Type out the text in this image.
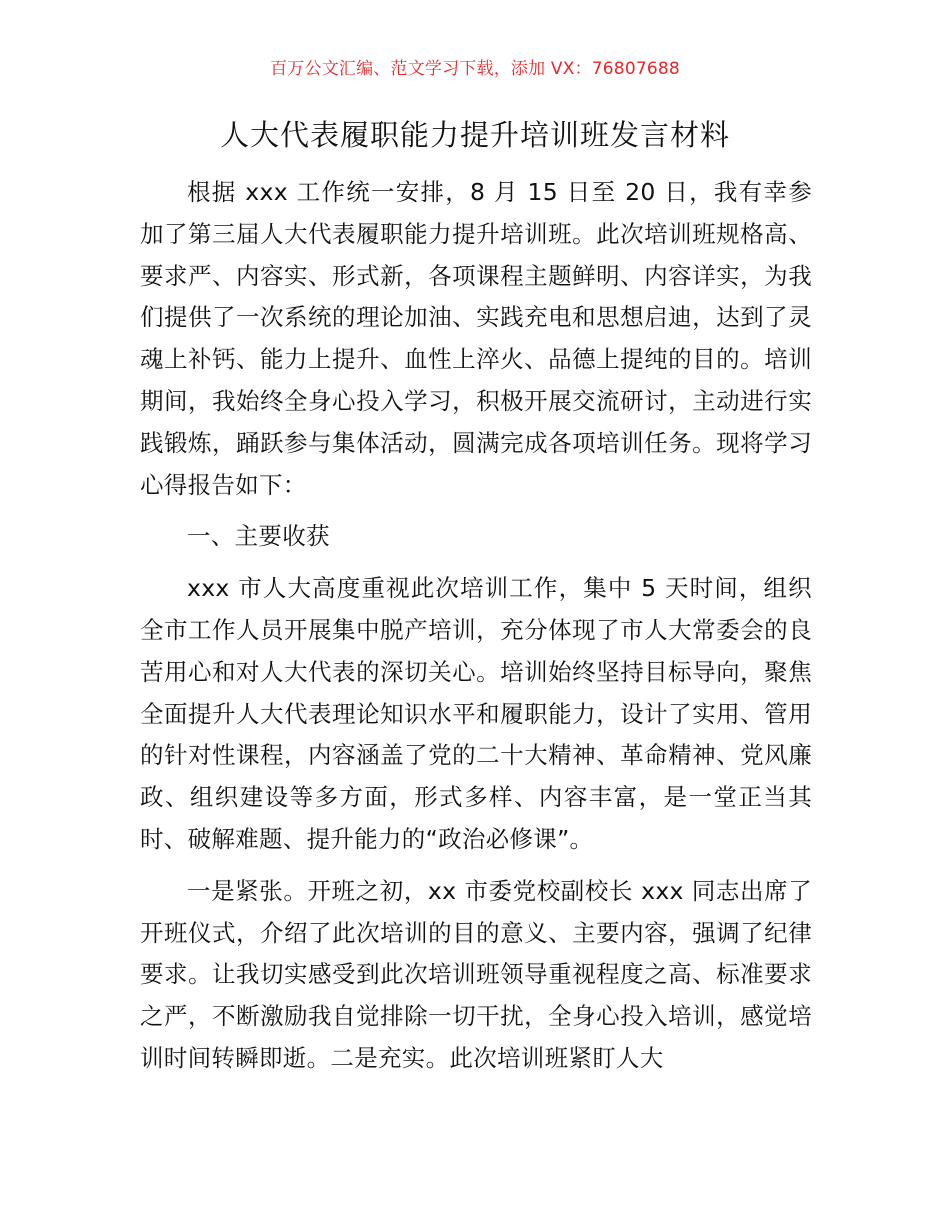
百万公文汇编、范文学习下载，添加 VX：76807688
人大代表履职能力提升培训班发言材料

根据 xxx 工作统一安排，8 月 15 日至 20 日，我有幸参加了第三届人大代表履职能力提升培训班。此次培训班规格高、要求严、内容实、形式新，各项课程主题鲜明、内容详实，为我们提供了一次系统的理论加油、实践充电和思想启迪，达到了灵魂上补钙、能力上提升、血性上淬火、品德上提纯的目的。培训期间，我始终全身心投入学习，积极开展交流研讨，主动进行实践锻炼，踊跃参与集体活动，圆满完成各项培训任务。现将学习心得报告如下：

一、主要收获

xxx 市人大高度重视此次培训工作，集中 5 天时间，组织全市工作人员开展集中脱产培训，充分体现了市人大常委会的良苦用心和对人大代表的深切关心。培训始终坚持目标导向，聚焦全面提升人大代表理论知识水平和履职能力，设计了实用、管用的针对性课程，内容涵盖了党的二十大精神、革命精神、党风廉政、组织建设等多方面，形式多样、内容丰富，是一堂正当其时、破解难题、提升能力的“政治必修课”。

一是紧张。开班之初，xx 市委党校副校长 xxx 同志出席了开班仪式，介绍了此次培训的目的意义、主要内容，强调了纪律要求。让我切实感受到此次培训班领导重视程度之高、标准要求之严，不断激励我自觉排除一切干扰，全身心投入培训，感觉培训时间转瞬即逝。二是充实。此次培训班紧盯人大
